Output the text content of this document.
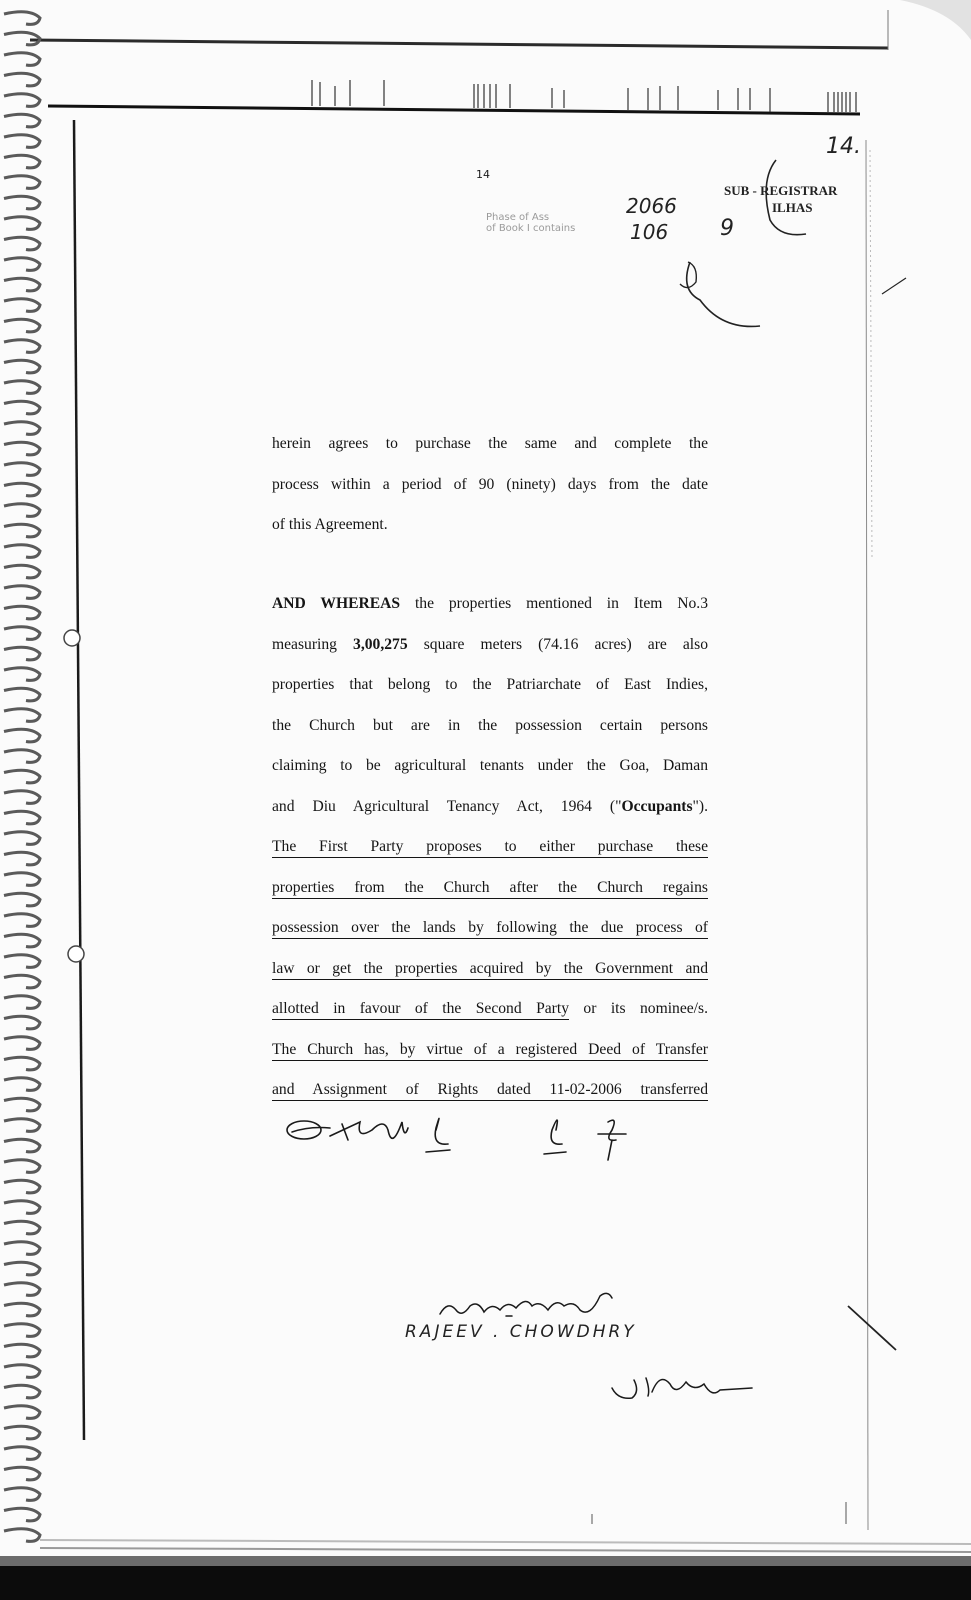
14
14.
SUB - REGISTRAR
ILHAS
Phase of Ass
of Book I contains
2066
106 9
herein agrees to purchase the same and complete the
process within a period of 90 (ninety) days from the date
of this Agreement.
AND WHEREAS the properties mentioned in Item No.3
measuring 3,00,275 square meters (74.16 acres) are also
properties that belong to the Patriarchate of East Indies,
the Church but are in the possession certain persons
claiming to be agricultural tenants under the Goa, Daman
and Diu Agricultural Tenancy Act, 1964 ("Occupants").
The First Party proposes to either purchase these
properties from the Church after the Church regains
possession over the lands by following the due process of
law or get the properties acquired by the Government and
allotted in favour of the Second Party or its nominee/s.
The Church has, by virtue of a registered Deed of Transfer
and Assignment of Rights dated 11-02-2006 transferred
RAJEEV . CHOWDHRY
